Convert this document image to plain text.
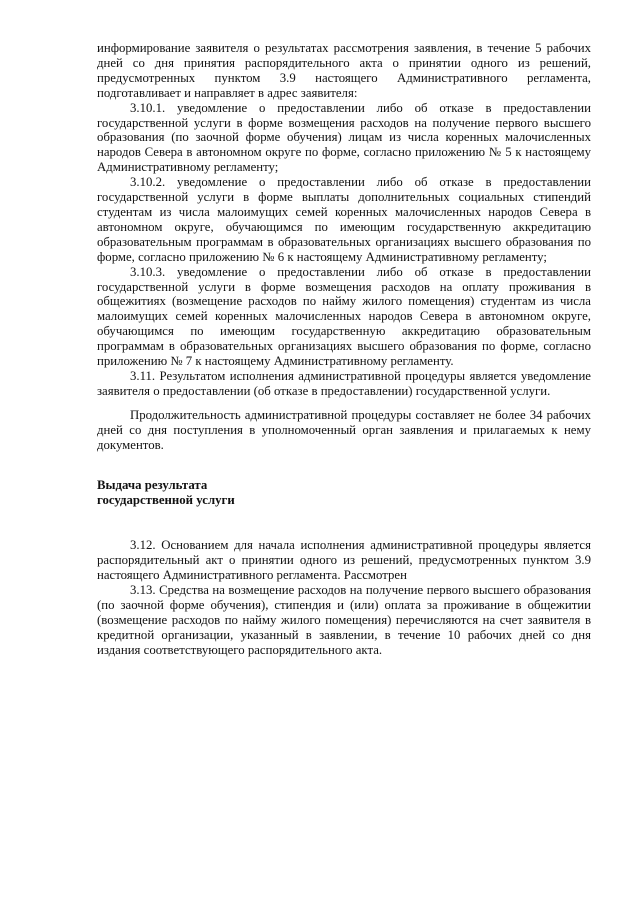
информирование заявителя о результатах рассмотрения заявления, в течение 5 рабочих дней со дня принятия распорядительного акта о принятии одного из решений, предусмотренных пунктом 3.9 настоящего Административного регламента, подготавливает и направляет в адрес заявителя:

3.10.1. уведомление о предоставлении либо об отказе в предоставлении государственной услуги в форме возмещения расходов на получение первого высшего образования (по заочной форме обучения) лицам из числа коренных малочисленных народов Севера в автономном округе по форме, согласно приложению № 5 к настоящему Административному регламенту;

3.10.2. уведомление о предоставлении либо об отказе в предоставлении государственной услуги в форме выплаты дополнительных социальных стипендий студентам из числа малоимущих семей коренных малочисленных народов Севера в автономном округе, обучающимся по имеющим государственную аккредитацию образовательным программам в образовательных организациях высшего образования по форме, согласно приложению № 6 к настоящему Административному регламенту;

3.10.3. уведомление о предоставлении либо об отказе в предоставлении государственной услуги в форме возмещения расходов на оплату проживания в общежитиях (возмещение расходов по найму жилого помещения) студентам из числа малоимущих семей коренных малочисленных народов Севера в автономном округе, обучающимся по имеющим государственную аккредитацию образовательным программам в образовательных организациях высшего образования по форме, согласно приложению № 7 к настоящему Административному регламенту.

3.11. Результатом исполнения административной процедуры является уведомление заявителя о предоставлении (об отказе в предоставлении) государственной услуги.

Продолжительность административной процедуры составляет не более 34 рабочих дней со дня поступления в уполномоченный орган заявления и прилагаемых к нему документов.

Выдача результата
государственной услуги

3.12. Основанием для начала исполнения административной процедуры является распорядительный акт о принятии одного из решений, предусмотренных пунктом 3.9 настоящего Административного регламента. Рассмотрен

3.13. Средства на возмещение расходов на получение первого высшего образования (по заочной форме обучения), стипендия и (или) оплата за проживание в общежитии (возмещение расходов по найму жилого помещения) перечисляются на счет заявителя в кредитной организации, указанный в заявлении, в течение 10 рабочих дней со дня издания соответствующего распорядительного акта.
